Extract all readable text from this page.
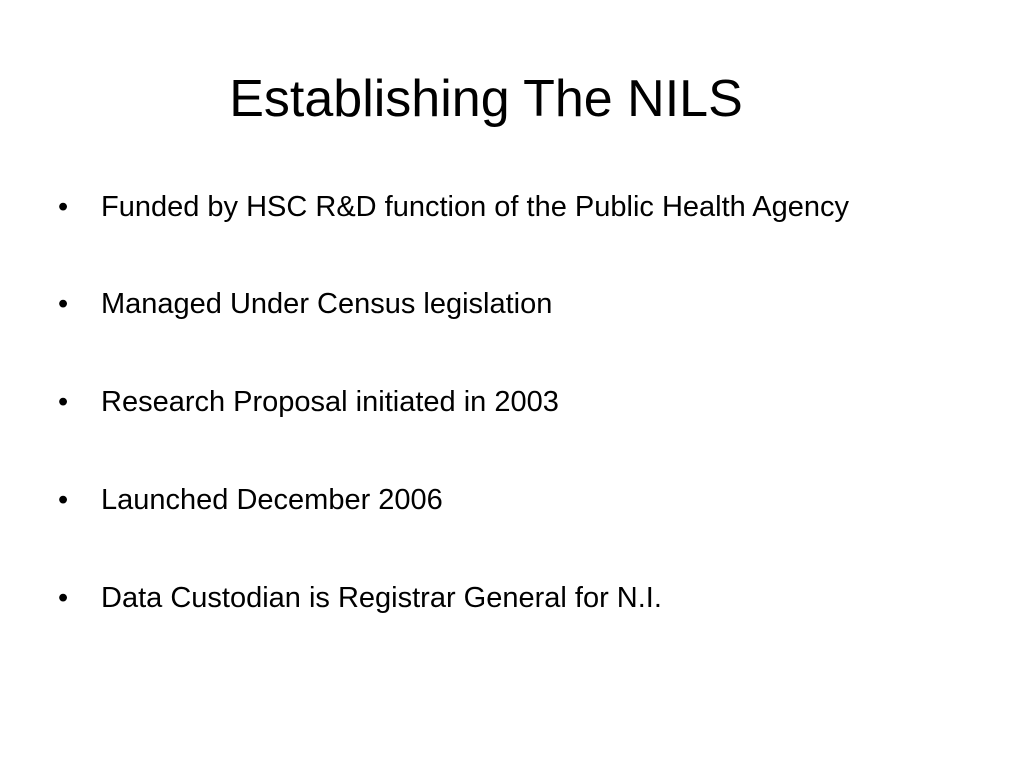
Establishing The NILS
•	Funded by HSC R&D function of the Public Health Agency
•	Managed Under Census legislation
•	Research Proposal initiated in 2003
•	Launched December 2006
•	Data Custodian is Registrar General for N.I.
